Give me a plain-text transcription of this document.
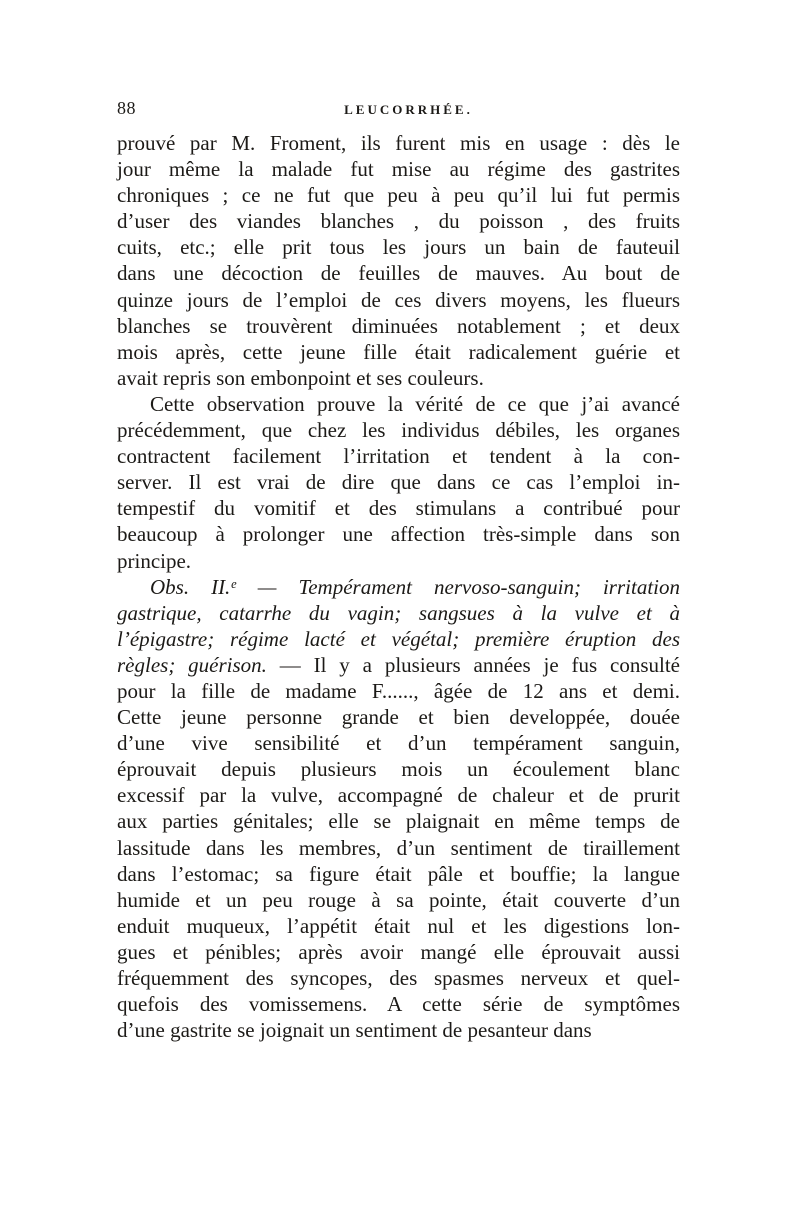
88	LEUCORRHÉE.
prouvé par M. Froment, ils furent mis en usage : dès le
jour même la malade fut mise au régime des gastrites
chroniques ; ce ne fut que peu à peu qu’il lui fut permis
d’user des viandes blanches , du poisson , des fruits
cuits, etc.; elle prit tous les jours un bain de fauteuil
dans une décoction de feuilles de mauves. Au bout de
quinze jours de l’emploi de ces divers moyens, les flueurs
blanches se trouvèrent diminuées notablement ; et deux
mois après, cette jeune fille était radicalement guérie et
avait repris son embonpoint et ses couleurs.
Cette observation prouve la vérité de ce que j’ai avancé
précédemment, que chez les individus débiles, les organes
contractent facilement l’irritation et tendent à la con-
server. Il est vrai de dire que dans ce cas l’emploi in-
tempestif du vomitif et des stimulans a contribué pour
beaucoup à prolonger une affection très-simple dans son
principe.
Obs. II.ᵉ — Tempérament nervoso-sanguin; irritation
gastrique, catarrhe du vagin; sangsues à la vulve et à
l’épigastre; régime lacté et végétal; première éruption des
règles; guérison. — Il y a plusieurs années je fus consulté
pour la fille de madame F......, âgée de 12 ans et demi.
Cette jeune personne grande et bien developpée, douée
d’une vive sensibilité et d’un tempérament sanguin,
éprouvait depuis plusieurs mois un écoulement blanc
excessif par la vulve, accompagné de chaleur et de prurit
aux parties génitales; elle se plaignait en même temps de
lassitude dans les membres, d’un sentiment de tiraillement
dans l’estomac; sa figure était pâle et bouffie; la langue
humide et un peu rouge à sa pointe, était couverte d’un
enduit muqueux, l’appétit était nul et les digestions lon-
gues et pénibles; après avoir mangé elle éprouvait aussi
fréquemment des syncopes, des spasmes nerveux et quel-
quefois des vomissemens. A cette série de symptômes
d’une gastrite se joignait un sentiment de pesanteur dans
